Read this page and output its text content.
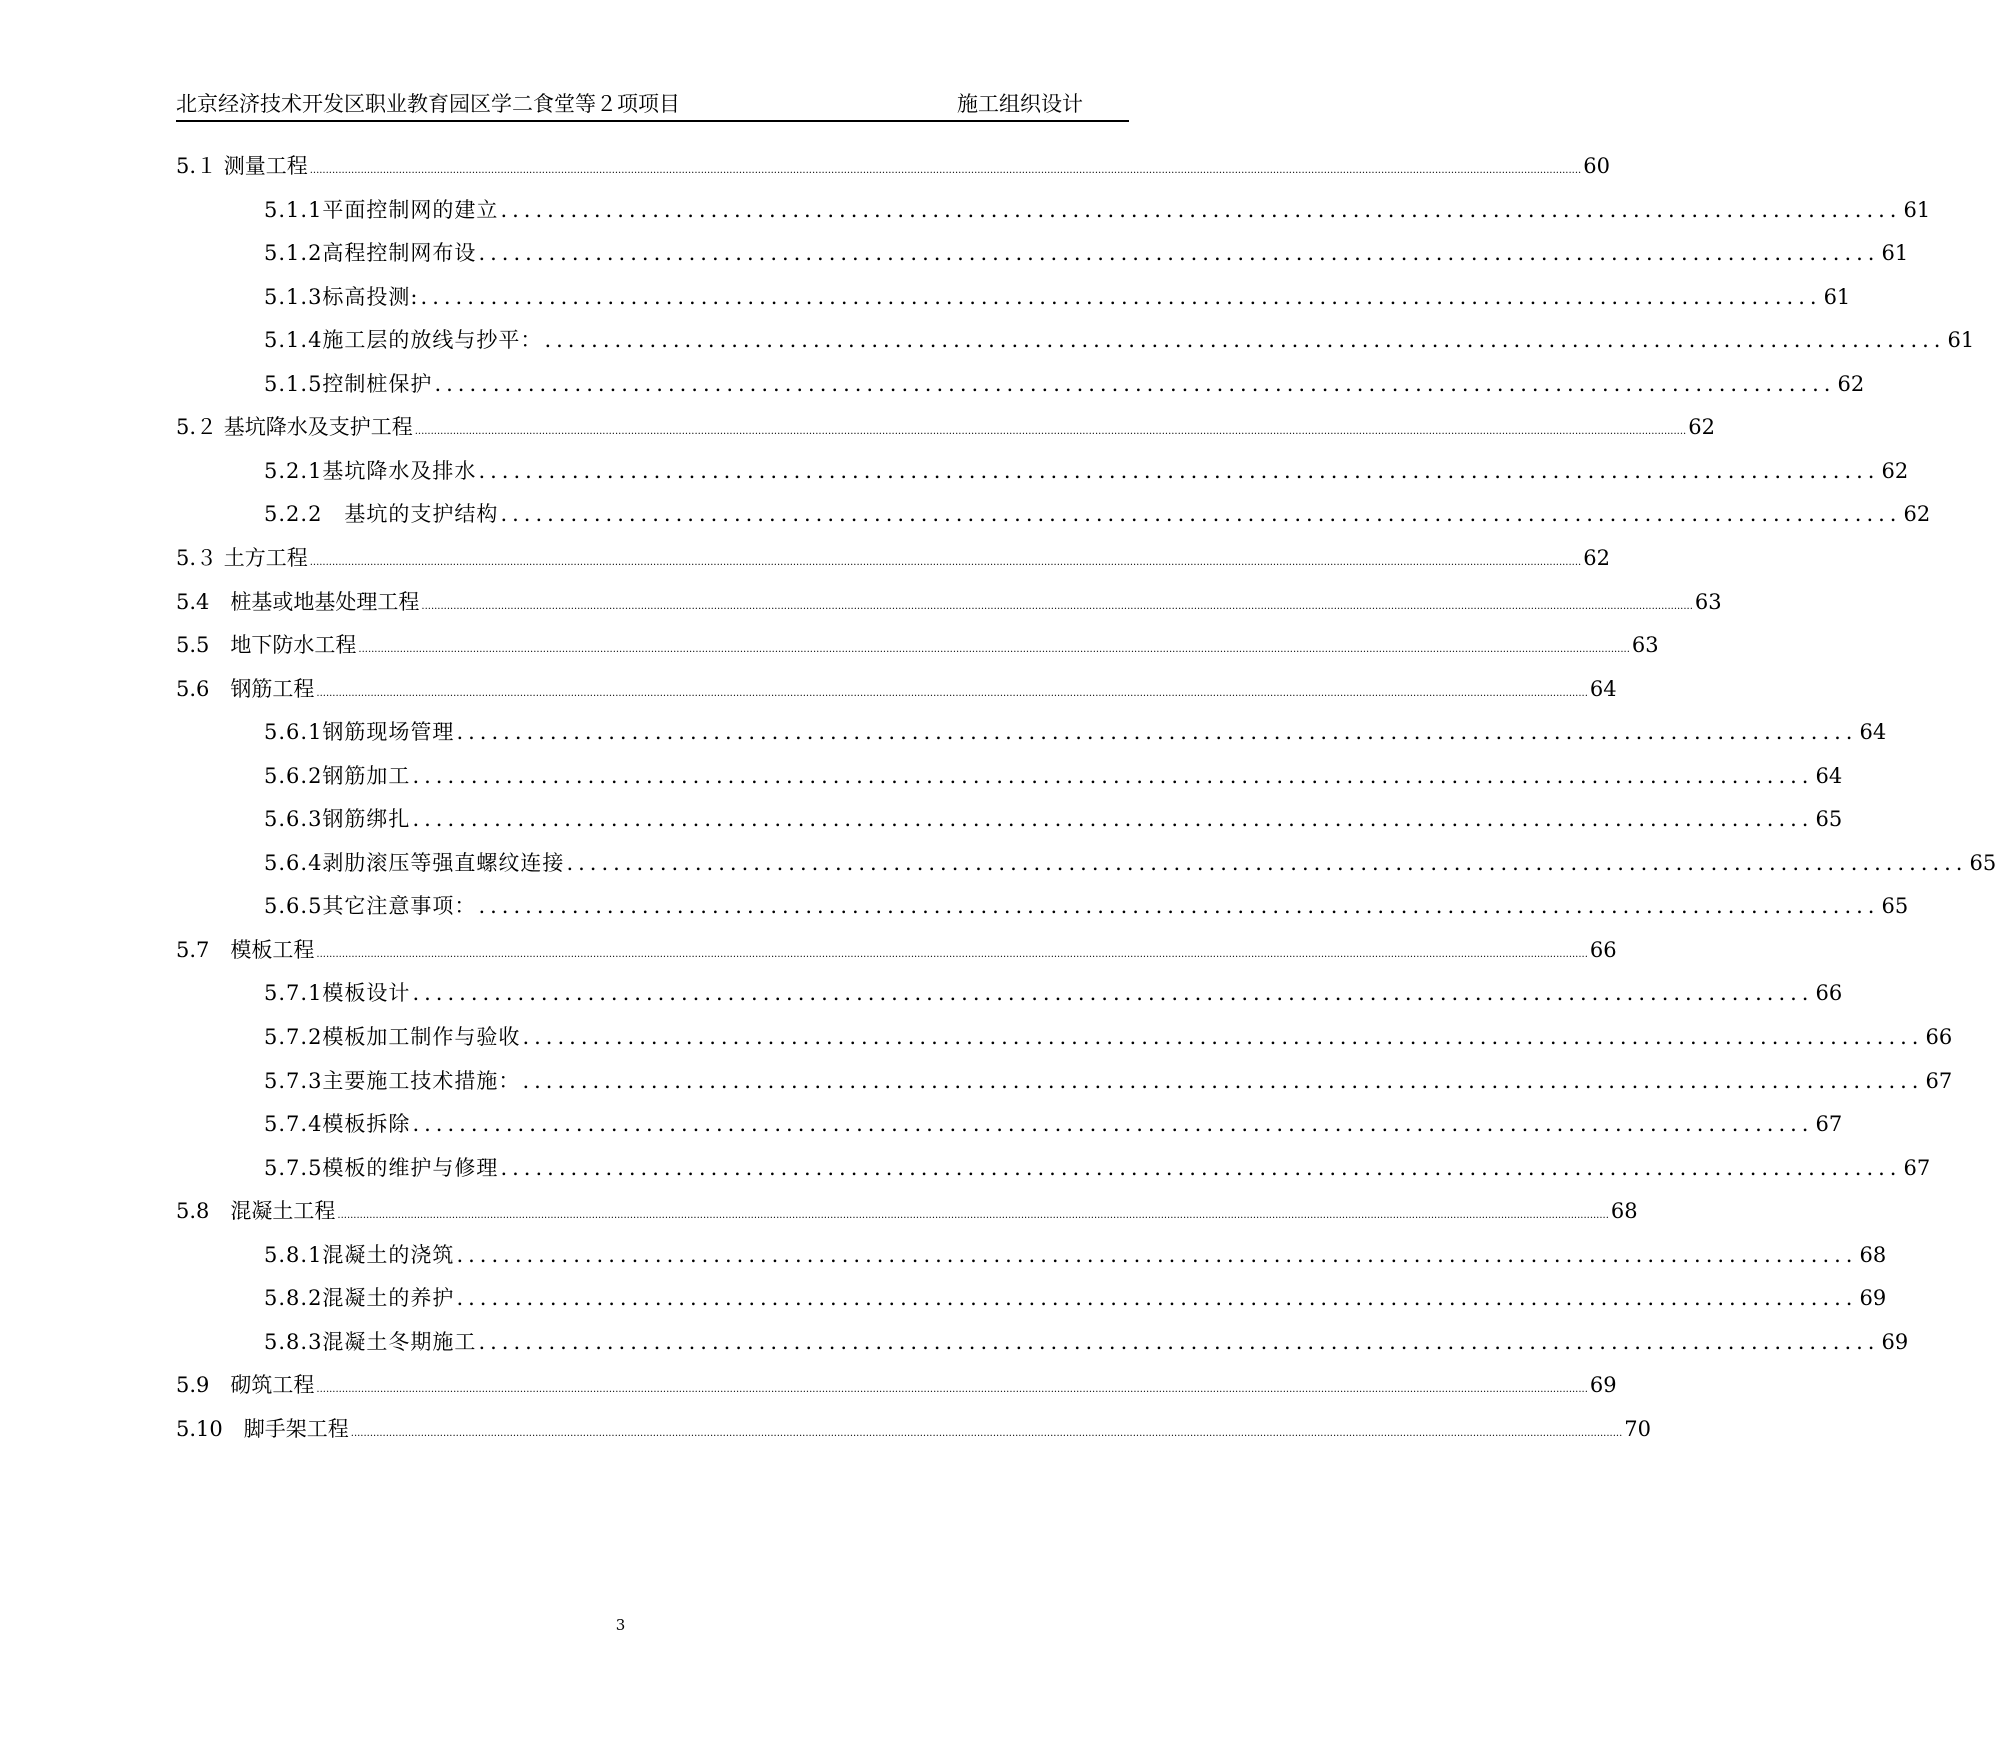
北京经济技术开发区职业教育园区学二食堂等２项项目	施工组织设计
5.１ 测量工程 ................................................................................................................................................................................................................................................................................................................................................................................................................ 60
5.1.1平面控制网的建立 ........................................................................................................................ 61
5.1.2高程控制网布设 ........................................................................................................................ 61
5.1.3标高投测: ........................................................................................................................ 61
5.1.4施工层的放线与抄平： ........................................................................................................................ 61
5.1.5控制桩保护 ........................................................................................................................ 62
5.２ 基坑降水及支护工程 ................................................................................................................................................................................................................................................................................................................................................................................................................ 62
5.2.1基坑降水及排水 ........................................................................................................................ 62
5.2.2　基坑的支护结构 ........................................................................................................................ 62
5.３ 土方工程 ................................................................................................................................................................................................................................................................................................................................................................................................................ 62
5.4　桩基或地基处理工程 ................................................................................................................................................................................................................................................................................................................................................................................................................ 63
5.5　地下防水工程 ................................................................................................................................................................................................................................................................................................................................................................................................................ 63
5.6　钢筋工程 ................................................................................................................................................................................................................................................................................................................................................................................................................ 64
5.6.1钢筋现场管理 ........................................................................................................................ 64
5.6.2钢筋加工 ........................................................................................................................ 64
5.6.3钢筋绑扎 ........................................................................................................................ 65
5.6.4剥肋滚压等强直螺纹连接 ........................................................................................................................ 65
5.6.5其它注意事项： ........................................................................................................................ 65
5.7　模板工程 ................................................................................................................................................................................................................................................................................................................................................................................................................ 66
5.7.1模板设计 ........................................................................................................................ 66
5.7.2模板加工制作与验收 ........................................................................................................................ 66
5.7.3主要施工技术措施： ........................................................................................................................ 67
5.7.4模板拆除 ........................................................................................................................ 67
5.7.5模板的维护与修理 ........................................................................................................................ 67
5.8　混凝土工程 ................................................................................................................................................................................................................................................................................................................................................................................................................ 68
5.8.1混凝土的浇筑 ........................................................................................................................ 68
5.8.2混凝土的养护 ........................................................................................................................ 69
5.8.3混凝土冬期施工 ........................................................................................................................ 69
5.9　砌筑工程 ................................................................................................................................................................................................................................................................................................................................................................................................................ 69
5.10　脚手架工程 ................................................................................................................................................................................................................................................................................................................................................................................................................ 70
3
